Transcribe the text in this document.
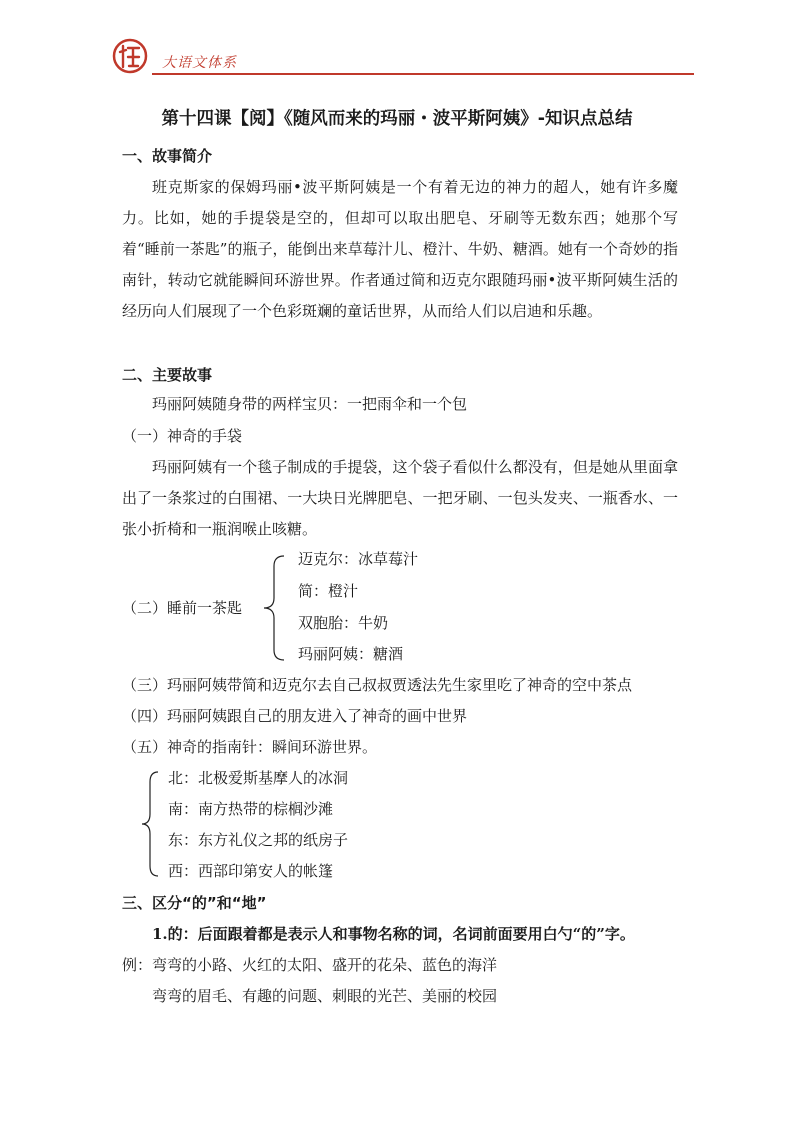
大语文体系
第十四课【阅】《随风而来的玛丽・波平斯阿姨》-知识点总结
一、故事简介
班克斯家的保姆玛丽•波平斯阿姨是一个有着无边的神力的超人，她有许多魔力。比如，她的手提袋是空的，但却可以取出肥皂、牙刷等无数东西；她那个写着“睡前一茶匙”的瓶子，能倒出来草莓汁儿、橙汁、牛奶、糖酒。她有一个奇妙的指南针，转动它就能瞬间环游世界。作者通过简和迈克尔跟随玛丽•波平斯阿姨生活的经历向人们展现了一个色彩斑斓的童话世界，从而给人们以启迪和乐趣。
二、主要故事
玛丽阿姨随身带的两样宝贝：一把雨伞和一个包
（一）神奇的手袋
玛丽阿姨有一个毯子制成的手提袋，这个袋子看似什么都没有，但是她从里面拿出了一条浆过的白围裙、一大块日光牌肥皂、一把牙刷、一包头发夹、一瓶香水、一张小折椅和一瓶润喉止咳糖。
（二）睡前一茶匙
迈克尔：冰草莓汁
简：橙汁
双胞胎：牛奶
玛丽阿姨：糖酒
（三）玛丽阿姨带简和迈克尔去自己叔叔贾透法先生家里吃了神奇的空中茶点
（四）玛丽阿姨跟自己的朋友进入了神奇的画中世界
（五）神奇的指南针：瞬间环游世界。
北：北极爱斯基摩人的冰洞
南：南方热带的棕榈沙滩
东：东方礼仪之邦的纸房子
西：西部印第安人的帐篷
三、区分“的”和“地”
1.的：后面跟着都是表示人和事物名称的词，名词前面要用白勺“的”字。
例：弯弯的小路、火红的太阳、盛开的花朵、蓝色的海洋
弯弯的眉毛、有趣的问题、刺眼的光芒、美丽的校园
